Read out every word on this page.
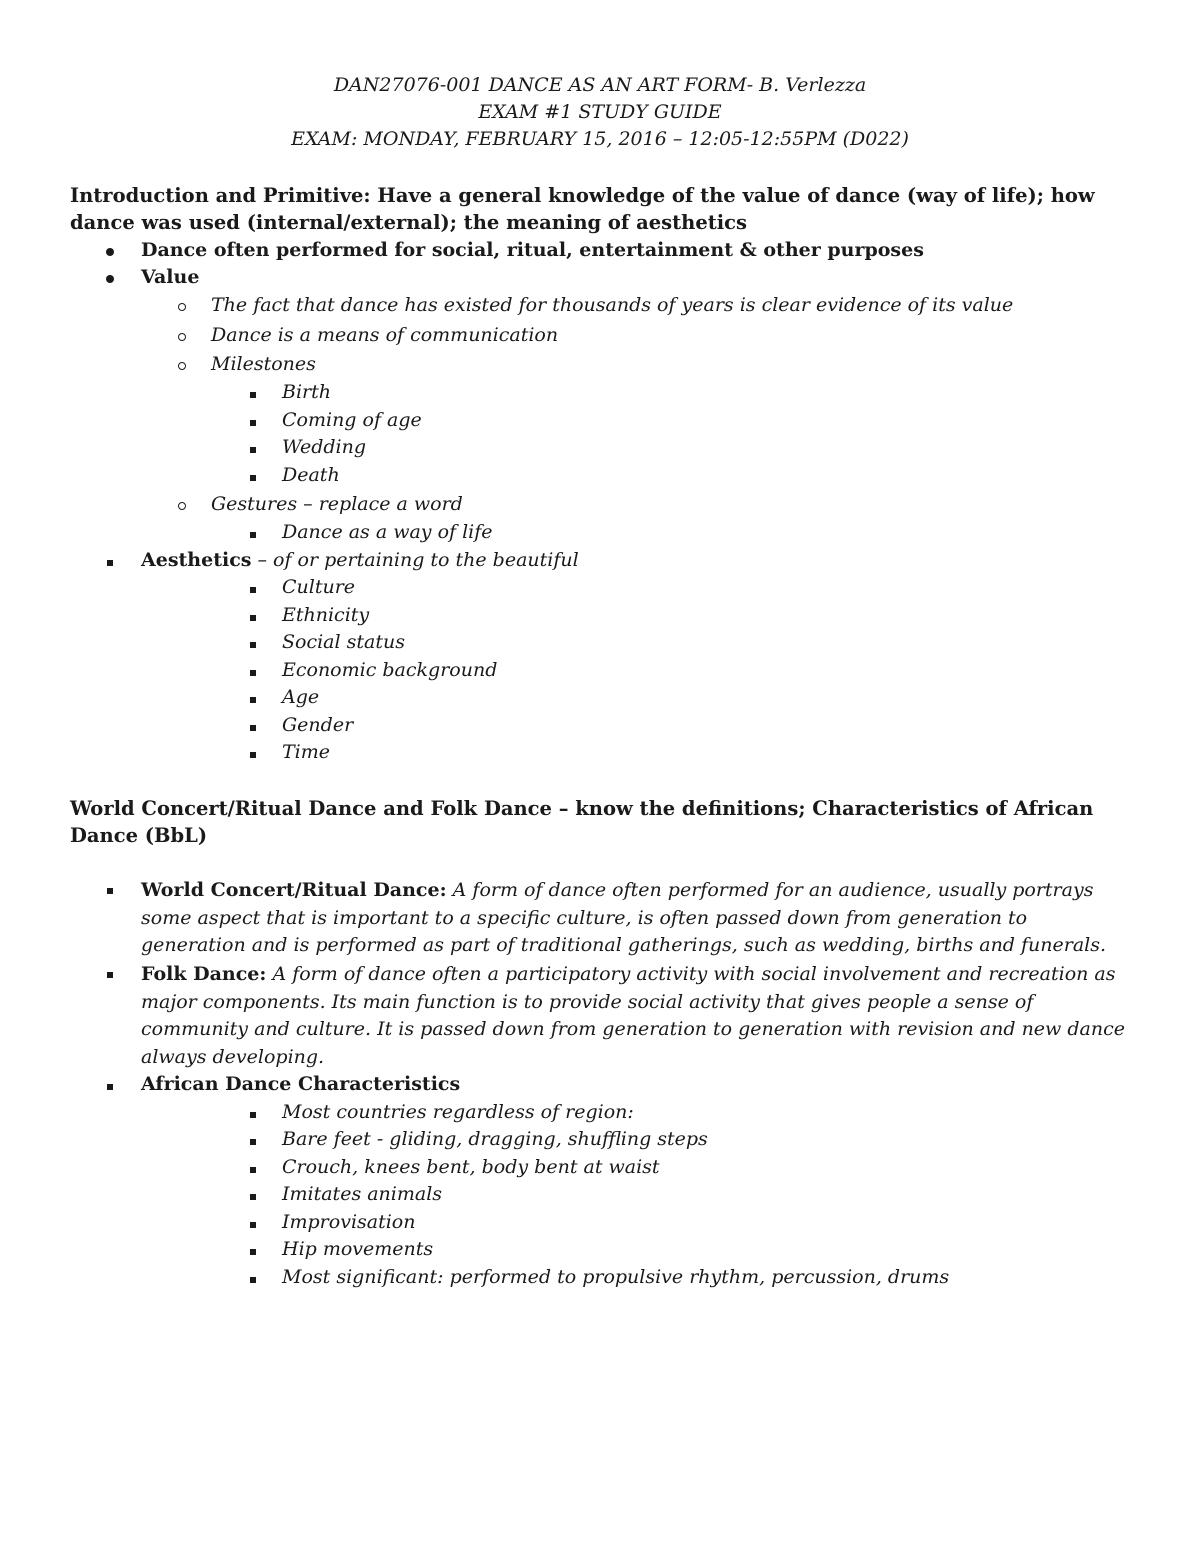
DAN27076-001 DANCE AS AN ART FORM- B. Verlezza
EXAM #1 STUDY GUIDE
EXAM: MONDAY, FEBRUARY 15, 2016 – 12:05-12:55PM (D022)
Introduction and Primitive: Have a general knowledge of the value of dance (way of life); how
dance was used (internal/external); the meaning of aesthetics
Dance often performed for social, ritual, entertainment & other purposes
Value
The fact that dance has existed for thousands of years is clear evidence of its value
Dance is a means of communication
Milestones
Birth
Coming of age
Wedding
Death
Gestures – replace a word
Dance as a way of life
Aesthetics – of or pertaining to the beautiful
Culture
Ethnicity
Social status
Economic background
Age
Gender
Time
World Concert/Ritual Dance and Folk Dance – know the definitions; Characteristics of African
Dance (BbL)
World Concert/Ritual Dance: A form of dance often performed for an audience, usually portrays
some aspect that is important to a specific culture, is often passed down from generation to
generation and is performed as part of traditional gatherings, such as wedding, births and funerals.
Folk Dance: A form of dance often a participatory activity with social involvement and recreation as
major components. Its main function is to provide social activity that gives people a sense of
community and culture. It is passed down from generation to generation with revision and new dance
always developing.
African Dance Characteristics
Most countries regardless of region:
Bare feet - gliding, dragging, shuffling steps
Crouch, knees bent, body bent at waist
Imitates animals
Improvisation
Hip movements
Most significant: performed to propulsive rhythm, percussion, drums
